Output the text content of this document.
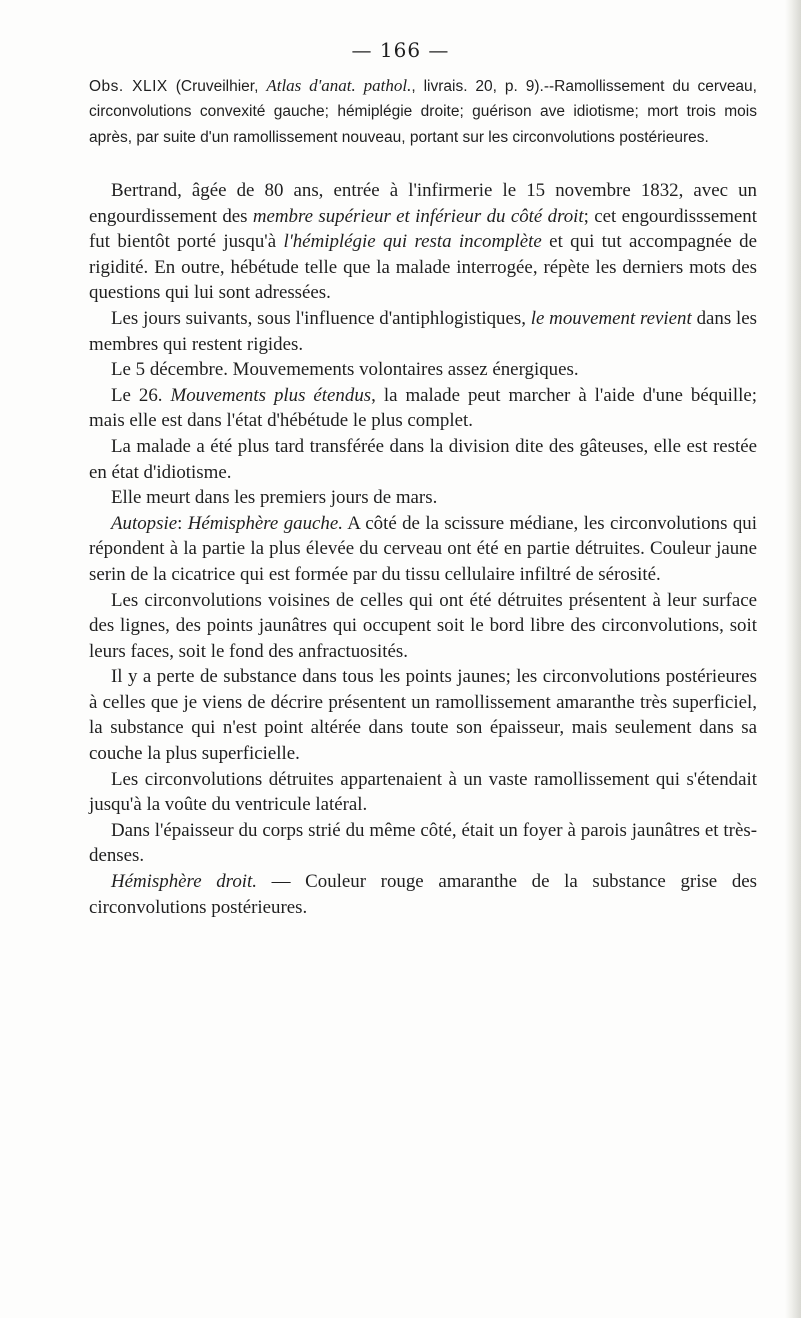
— 166 —
Obs. XLIX (Cruveilhier, Atlas d'anat. pathol., livrais. 20, p. 9).--Ramollissement du cerveau, circonvolutions convexité gauche; hémiplégie droite; guérison ave idiotisme; mort trois mois après, par suite d'un ramollissement nouveau, portant sur les circonvolutions postérieures.

Bertrand, âgée de 80 ans, entrée à l'infirmerie le 15 novembre 1832, avec un engourdissement des membre supérieur et inférieur du côté droit; cet engourdisssement fut bientôt porté jusqu'à l'hémiplégie qui resta incomplète et qui tut accompagnée de rigidité. En outre, hébétude telle que la malade interrogée, répète les derniers mots des questions qui lui sont adressées.

Les jours suivants, sous l'influence d'antiphlogistiques, le mouvement revient dans les membres qui restent rigides.

Le 5 décembre. Mouvemements volontaires assez énergiques.

Le 26. Mouvements plus étendus, la malade peut marcher à l'aide d'une béquille; mais elle est dans l'état d'hébétude le plus complet.

La malade a été plus tard transférée dans la division dite des gâteuses, elle est restée en état d'idiotisme.

Elle meurt dans les premiers jours de mars.

Autopsie: Hémisphère gauche. A côté de la scissure médiane, les circonvolutions qui répondent à la partie la plus élevée du cerveau ont été en partie détruites. Couleur jaune serin de la cicatrice qui est formée par du tissu cellulaire infiltré de sérosité.

Les circonvolutions voisines de celles qui ont été détruites présentent à leur surface des lignes, des points jaunâtres qui occupent soit le bord libre des circonvolutions, soit leurs faces, soit le fond des anfractuosités.

Il y a perte de substance dans tous les points jaunes; les circonvolutions postérieures à celles que je viens de décrire présentent un ramollissement amaranthe très superficiel, la substance qui n'est point altérée dans toute son épaisseur, mais seulement dans sa couche la plus superficielle.

Les circonvolutions détruites appartenaient à un vaste ramollissement qui s'étendait jusqu'à la voûte du ventricule latéral.

Dans l'épaisseur du corps strié du même côté, était un foyer à parois jaunâtres et très-denses.

Hémisphère droit. — Couleur rouge amaranthe de la substance grise des circonvolutions postérieures.
